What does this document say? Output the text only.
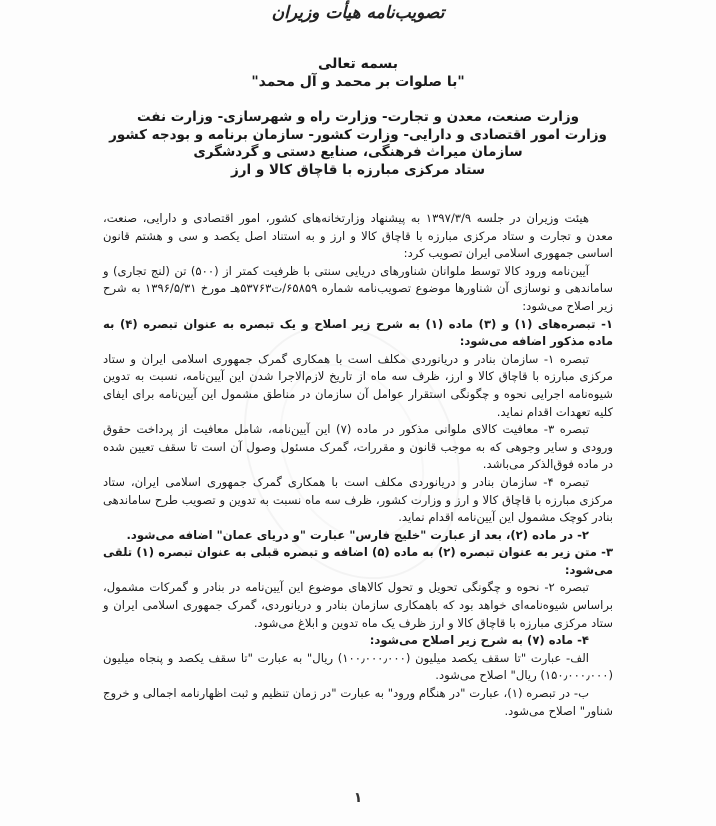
تصویب‌نامه هیأت وزیران
بسمه تعالی
"با صلوات بر محمد و آل محمد"
وزارت صنعت، معدن و تجارت- وزارت راه و شهرسازی- وزارت نفت
وزارت امور اقتصادی و دارایی- وزارت کشور- سازمان برنامه و بودجه کشور
سازمان میراث فرهنگی، صنایع دستی و گردشگری
ستاد مرکزی مبارزه با قاچاق کالا و ارز

هیئت وزیران در جلسه ۱۳۹۷/۳/۹ به پیشنهاد وزارتخانه‌های کشور، امور اقتصادی و دارایی، صنعت، معدن و تجارت و ستاد مرکزی مبارزه با قاچاق کالا و ارز و به استناد اصل یکصد و سی و هشتم قانون اساسی جمهوری اسلامی ایران تصویب کرد:

آیین‌نامه ورود کالا توسط ملوانان شناورهای دریایی سنتی با ظرفیت کمتر از (۵۰۰) تن (لنج تجاری) و ساماندهی و نوسازی آن شناورها موضوع تصویب‌نامه شماره ۶۵۸۵۹/ت۵۳۷۶۳هـ مورخ ۱۳۹۶/۵/۳۱ به شرح زیر اصلاح می‌شود:

۱- تبصره‌های (۱) و (۳) ماده (۱) به شرح زیر اصلاح و یک تبصره به عنوان تبصره (۴) به ماده مذکور اضافه می‌شود:

تبصره ۱- سازمان بنادر و دریانوردی مکلف است با همکاری گمرک جمهوری اسلامی ایران و ستاد مرکزی مبارزه با قاچاق کالا و ارز، ظرف سه ماه از تاریخ لازم‌الاجرا شدن این آیین‌نامه، نسبت به تدوین شیوه‌نامه اجرایی نحوه و چگونگی استقرار عوامل آن سازمان در مناطق مشمول این آیین‌نامه برای ایفای کلیه تعهدات اقدام نماید.

تبصره ۳- معافیت کالای ملوانی مذکور در ماده (۷) این آیین‌نامه، شامل معافیت از پرداخت حقوق ورودی و سایر وجوهی که به موجب قانون و مقررات، گمرک مسئول وصول آن است تا سقف تعیین شده در ماده فوق‌الذکر می‌باشد.

تبصره ۴- سازمان بنادر و دریانوردی مکلف است با همکاری گمرک جمهوری اسلامی ایران، ستاد مرکزی مبارزه با قاچاق کالا و ارز و وزارت کشور، ظرف سه ماه نسبت به تدوین و تصویب طرح ساماندهی بنادر کوچک مشمول این آیین‌نامه اقدام نماید.

۲- در ماده (۲)، بعد از عبارت "خلیج فارس" عبارت "و دریای عمان" اضافه می‌شود.

۳- متن زیر به عنوان تبصره (۲) به ماده (۵) اضافه و تبصره قبلی به عنوان تبصره (۱) تلقی می‌شود:

تبصره ۲- نحوه و چگونگی تحویل و تحول کالاهای موضوع این آیین‌نامه در بنادر و گمرکات مشمول، براساس شیوه‌نامه‌ای خواهد بود که باهمکاری سازمان بنادر و دریانوردی، گمرک جمهوری اسلامی ایران و ستاد مرکزی مبارزه با قاچاق کالا و ارز ظرف یک ماه تدوین و ابلاغ می‌شود.

۴- ماده (۷) به شرح زیر اصلاح می‌شود:

الف- عبارت "تا سقف یکصد میلیون (۱۰۰٫۰۰۰٫۰۰۰) ریال" به عبارت "تا سقف یکصد و پنجاه میلیون (۱۵۰٫۰۰۰٫۰۰۰) ریال" اصلاح می‌شود.

ب- در تبصره (۱)، عبارت "در هنگام ورود" به عبارت "در زمان تنظیم و ثبت اظهارنامه اجمالی و خروج شناور" اصلاح می‌شود.

۱
